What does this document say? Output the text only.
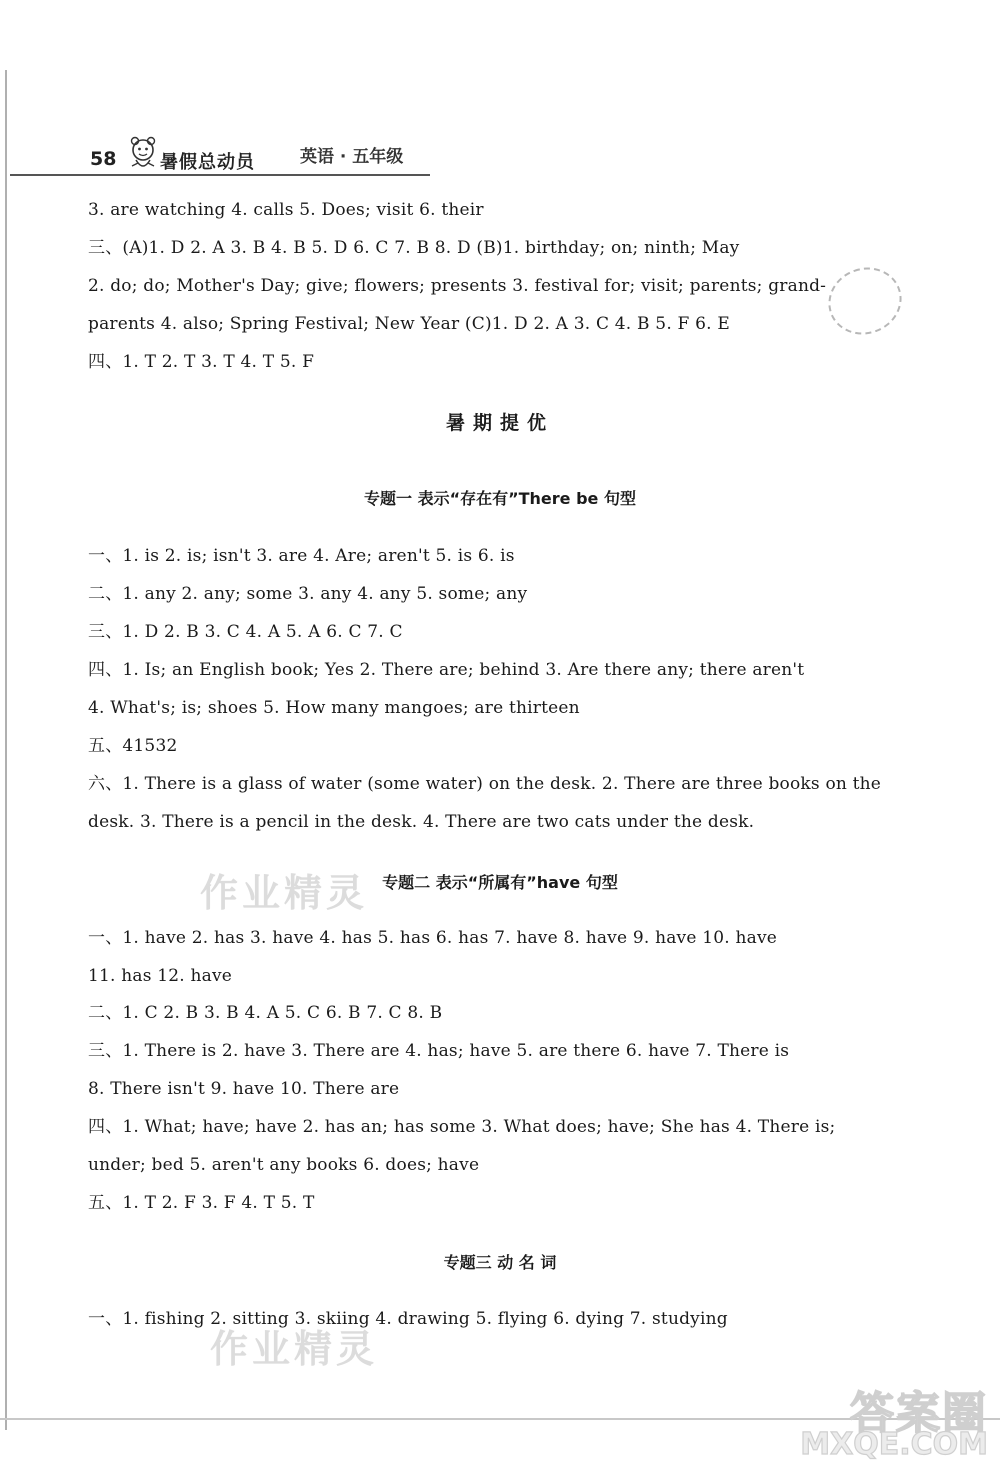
58 暑假总动员	英语 · 五年级
3. are watching 4. calls 5. Does; visit 6. their
三、(A)1. D 2. A 3. B 4. B 5. D 6. C 7. B 8. D (B)1. birthday; on; ninth; May
2. do; do; Mother's Day; give; flowers; presents 3. festival for; visit; parents; grand-
parents 4. also; Spring Festival; New Year (C)1. D 2. A 3. C 4. B 5. F 6. E
四、1. T 2. T 3. T 4. T 5. F
暑期提优
专题一 表示“存在有”There be 句型
一、1. is 2. is; isn't 3. are 4. Are; aren't 5. is 6. is
二、1. any 2. any; some 3. any 4. any 5. some; any
三、1. D 2. B 3. C 4. A 5. A 6. C 7. C
四、1. Is; an English book; Yes 2. There are; behind 3. Are there any; there aren't
4. What's; is; shoes 5. How many mangoes; are thirteen
五、41532
六、1. There is a glass of water (some water) on the desk. 2. There are three books on the
desk. 3. There is a pencil in the desk. 4. There are two cats under the desk.
作业精灵 专题二 表示“所属有”have 句型
一、1. have 2. has 3. have 4. has 5. has 6. has 7. have 8. have 9. have 10. have
11. has 12. have
二、1. C 2. B 3. B 4. A 5. C 6. B 7. C 8. B
三、1. There is 2. have 3. There are 4. has; have 5. are there 6. have 7. There is
8. There isn't 9. have 10. There are
四、1. What; have; have 2. has an; has some 3. What does; have; She has 4. There is;
under; bed 5. aren't any books 6. does; have
五、1. T 2. F 3. F 4. T 5. T
专题三 动 名 词
一、1. fishing 2. sitting 3. skiing 4. drawing 5. flying 6. dying 7. studying
作业精灵
答案圈
MXQE.COM
